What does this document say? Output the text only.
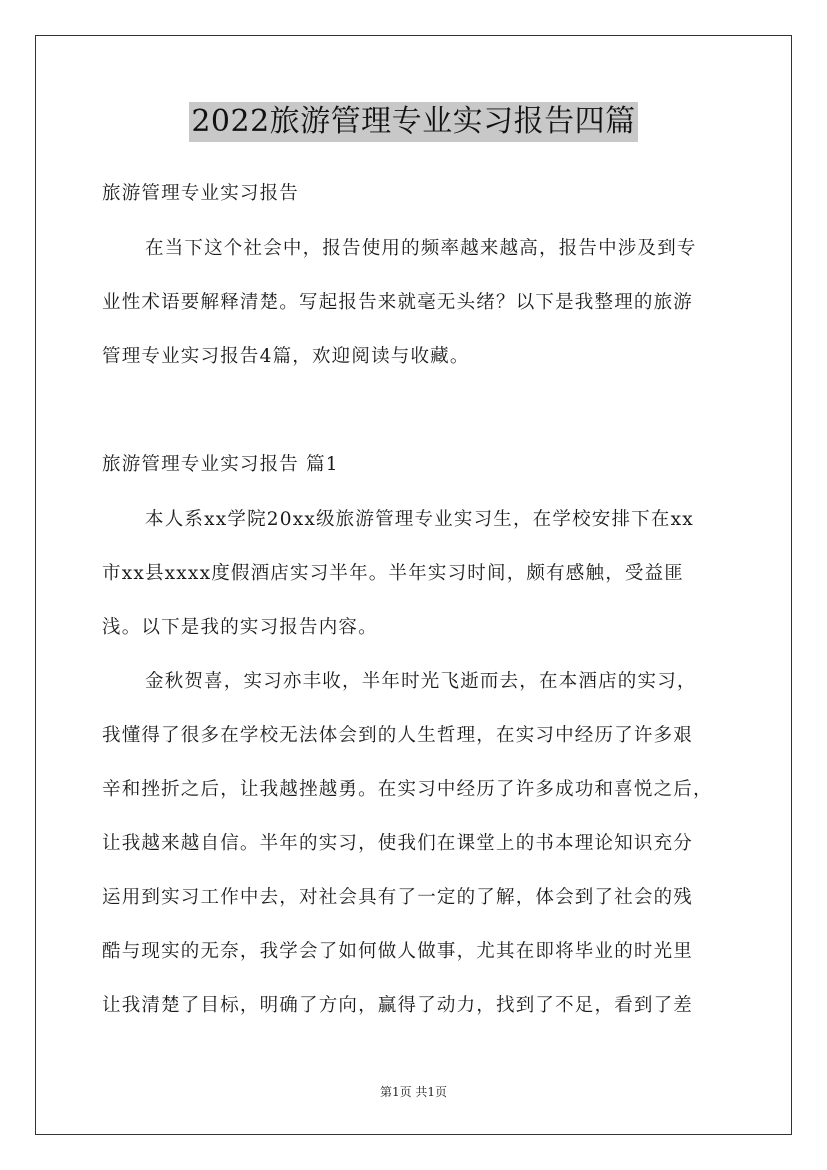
2022旅游管理专业实习报告四篇
旅游管理专业实习报告
在当下这个社会中，报告使用的频率越来越高，报告中涉及到专
业性术语要解释清楚。写起报告来就毫无头绪？以下是我整理的旅游
管理专业实习报告4篇，欢迎阅读与收藏。
旅游管理专业实习报告 篇1
本人系xx学院20xx级旅游管理专业实习生，在学校安排下在xx
市xx县xxxx度假酒店实习半年。半年实习时间，颇有感触，受益匪
浅。以下是我的实习报告内容。
金秋贺喜，实习亦丰收，半年时光飞逝而去，在本酒店的实习，
我懂得了很多在学校无法体会到的人生哲理，在实习中经历了许多艰
辛和挫折之后，让我越挫越勇。在实习中经历了许多成功和喜悦之后，
让我越来越自信。半年的实习，使我们在课堂上的书本理论知识充分
运用到实习工作中去，对社会具有了一定的了解，体会到了社会的残
酷与现实的无奈，我学会了如何做人做事，尤其在即将毕业的时光里
让我清楚了目标，明确了方向，赢得了动力，找到了不足，看到了差
第1页 共1页
